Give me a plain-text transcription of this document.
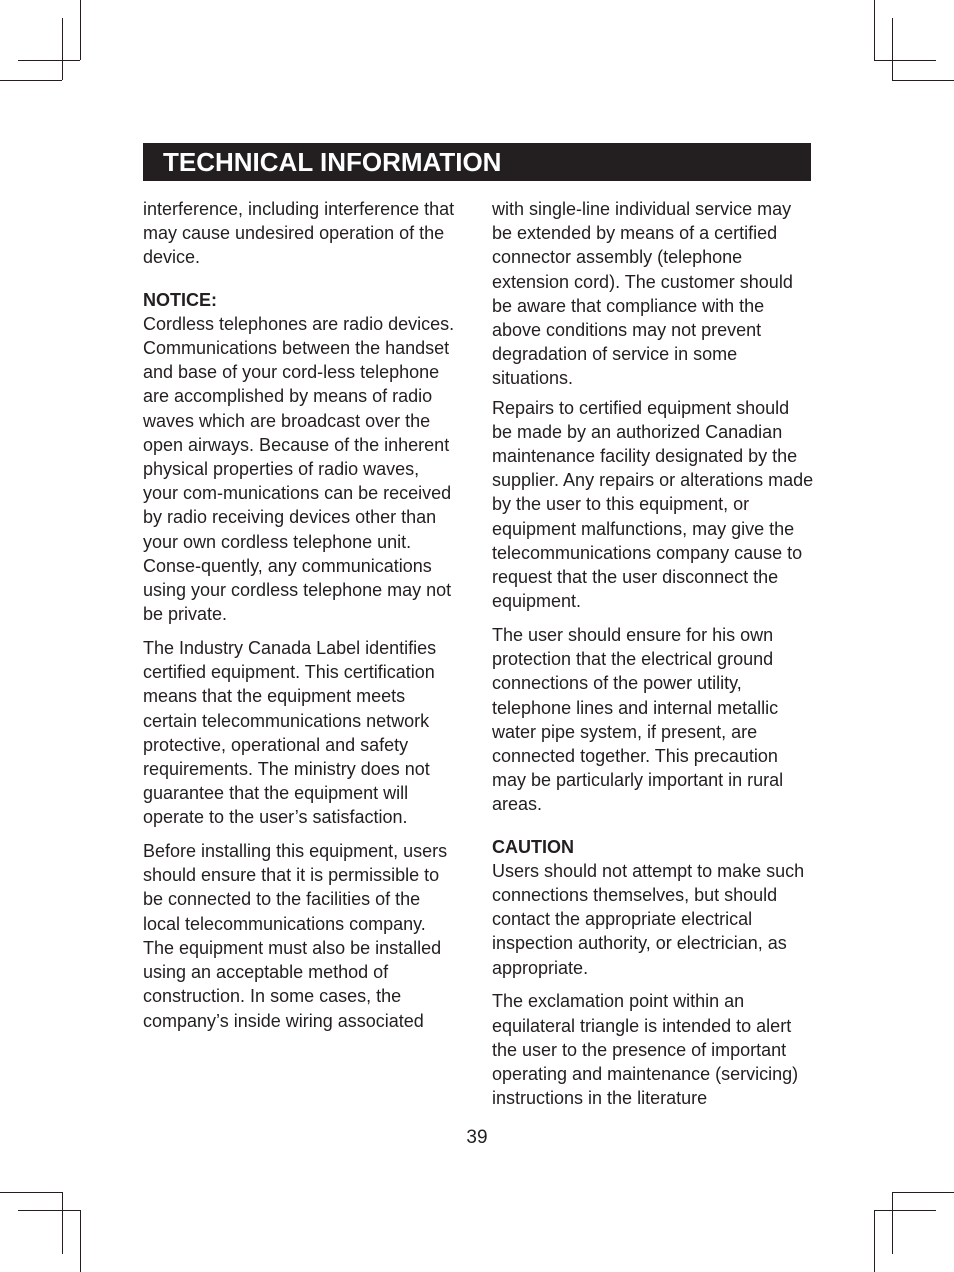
TECHNICAL INFORMATION

interference, including interference that may cause undesired operation of the device.

NOTICE:

Cordless telephones are radio devices. Communications between the handset and base of your cord-less telephone are accomplished by means of radio waves which are broadcast over the open airways. Because of the inherent physical properties of radio waves, your com-munications can be received by radio receiving devices other than your own cordless telephone unit. Conse-quently, any communications using your cordless telephone may not be private.

The Industry Canada Label identifies certified equipment. This certification means that the equipment meets certain telecommunications network protective, operational and safety requirements. The ministry does not guarantee that the equipment will operate to the user’s satisfaction.

Before installing this equipment, users should ensure that it is permissible to be connected to the facilities of the local telecommunications company. The equipment must also be installed using an acceptable method of construction. In some cases, the company’s inside wiring associated

with single-line individual service may be extended by means of a certified connector assembly (telephone extension cord). The customer should be aware that compliance with the above conditions may not prevent degradation of service in some situations.

Repairs to certified equipment should be made by an authorized Canadian maintenance facility designated by the supplier. Any repairs or alterations made by the user to this equipment, or equipment malfunctions, may give the telecommunications company cause to request that the user disconnect the equipment.

The user should ensure for his own protection that the electrical ground connections of the power utility, telephone lines and internal metallic water pipe system, if present, are connected together. This precaution may be particularly important in rural areas.

CAUTION

Users should not attempt to make such connections themselves, but should contact the appropriate electrical inspection authority, or electrician, as appropriate.

The exclamation point within an equilateral triangle is intended to alert the user to the presence of important operating and maintenance (servicing) instructions in the literature

39
